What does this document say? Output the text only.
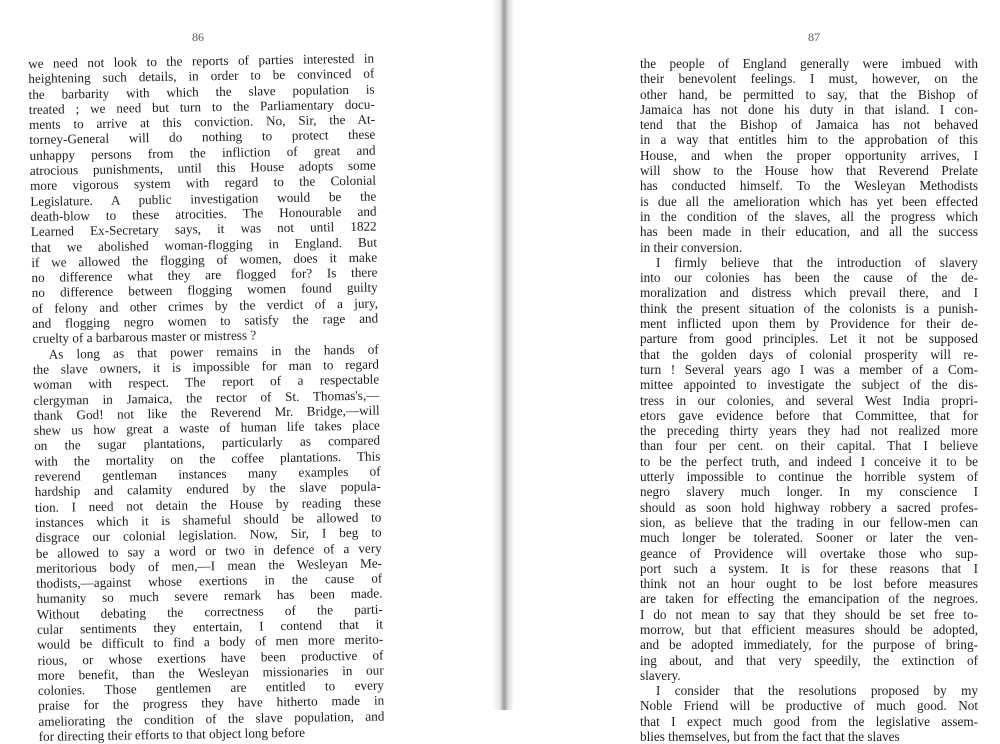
86
we need not look to the reports of parties interested in
heightening such details, in order to be convinced of
the barbarity with which the slave population is
treated ; we need but turn to the Parliamentary docu-
ments to arrive at this conviction. No, Sir, the At-
torney-General will do nothing to protect these
unhappy persons from the infliction of great and
atrocious punishments, until this House adopts some
more vigorous system with regard to the Colonial
Legislature. A public investigation would be the
death-blow to these atrocities. The Honourable and
Learned Ex-Secretary says, it was not until 1822
that we abolished woman-flogging in England. But
if we allowed the flogging of women, does it make
no difference what they are flogged for? Is there
no difference between flogging women found guilty
of felony and other crimes by the verdict of a jury,
and flogging negro women to satisfy the rage and
cruelty of a barbarous master or mistress ?
As long as that power remains in the hands of
the slave owners, it is impossible for man to regard
woman with respect. The report of a respectable
clergyman in Jamaica, the rector of St. Thomas's,—
thank God! not like the Reverend Mr. Bridge,—will
shew us how great a waste of human life takes place
on the sugar plantations, particularly as compared
with the mortality on the coffee plantations. This
reverend gentleman instances many examples of
hardship and calamity endured by the slave popula-
tion. I need not detain the House by reading these
instances which it is shameful should be allowed to
disgrace our colonial legislation. Now, Sir, I beg to
be allowed to say a word or two in defence of a very
meritorious body of men,—I mean the Wesleyan Me-
thodists,—against whose exertions in the cause of
humanity so much severe remark has been made.
Without debating the correctness of the parti-
cular sentiments they entertain, I contend that it
would be difficult to find a body of men more merito-
rious, or whose exertions have been productive of
more benefit, than the Wesleyan missionaries in our
colonies. Those gentlemen are entitled to every
praise for the progress they have hitherto made in
ameliorating the condition of the slave population, and
for directing their efforts to that object long before
87
the people of England generally were imbued with
their benevolent feelings. I must, however, on the
other hand, be permitted to say, that the Bishop of
Jamaica has not done his duty in that island. I con-
tend that the Bishop of Jamaica has not behaved
in a way that entitles him to the approbation of this
House, and when the proper opportunity arrives, I
will show to the House how that Reverend Prelate
has conducted himself. To the Wesleyan Methodists
is due all the amelioration which has yet been effected
in the condition of the slaves, all the progress which
has been made in their education, and all the success
in their conversion.
I firmly believe that the introduction of slavery
into our colonies has been the cause of the de-
moralization and distress which prevail there, and I
think the present situation of the colonists is a punish-
ment inflicted upon them by Providence for their de-
parture from good principles. Let it not be supposed
that the golden days of colonial prosperity will re-
turn ! Several years ago I was a member of a Com-
mittee appointed to investigate the subject of the dis-
tress in our colonies, and several West India propri-
etors gave evidence before that Committee, that for
the preceding thirty years they had not realized more
than four per cent. on their capital. That I believe
to be the perfect truth, and indeed I conceive it to be
utterly impossible to continue the horrible system of
negro slavery much longer. In my conscience I
should as soon hold highway robbery a sacred profes-
sion, as believe that the trading in our fellow-men can
much longer be tolerated. Sooner or later the ven-
geance of Providence will overtake those who sup-
port such a system. It is for these reasons that I
think not an hour ought to be lost before measures
are taken for effecting the emancipation of the negroes.
I do not mean to say that they should be set free to-
morrow, but that efficient measures should be adopted,
and be adopted immediately, for the purpose of bring-
ing about, and that very speedily, the extinction of
slavery.
I consider that the resolutions proposed by my
Noble Friend will be productive of much good. Not
that I expect much good from the legislative assem-
blies themselves, but from the fact that the slaves
